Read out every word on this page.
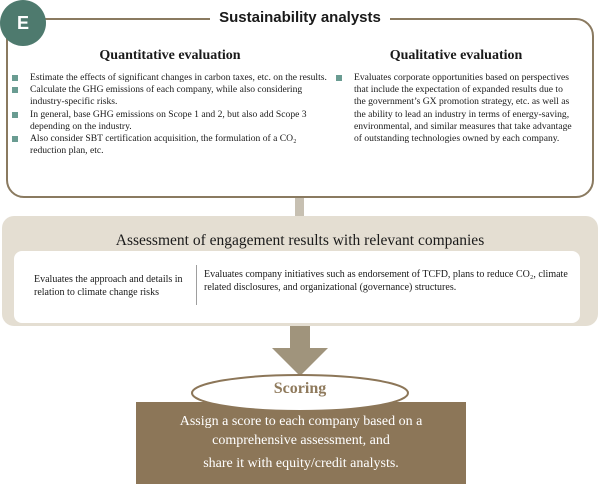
E	Sustainability analysts
Quantitative evaluation	Qualitative evaluation
Estimate the effects of significant changes in carbon taxes, etc. on the results.
Calculate the GHG emissions of each company, while also considering industry-specific risks.
In general, base GHG emissions on Scope 1 and 2, but also add Scope 3 depending on the industry.
Also consider SBT certification acquisition, the formulation of a CO₂ reduction plan, etc.
Evaluates corporate opportunities based on perspectives that include the expectation of expanded results due to the government’s GX promotion strategy, etc. as well as the ability to lead an industry in terms of energy-saving, environmental, and similar measures that take advantage of outstanding technologies owned by each company.
Assessment of engagement results with relevant companies
Evaluates the approach and details in relation to climate change risks
Evaluates company initiatives such as endorsement of TCFD, plans to reduce CO₂, climate related disclosures, and organizational (governance) structures.
Scoring
Assign a score to each company based on a comprehensive assessment, and
share it with equity/credit analysts.
